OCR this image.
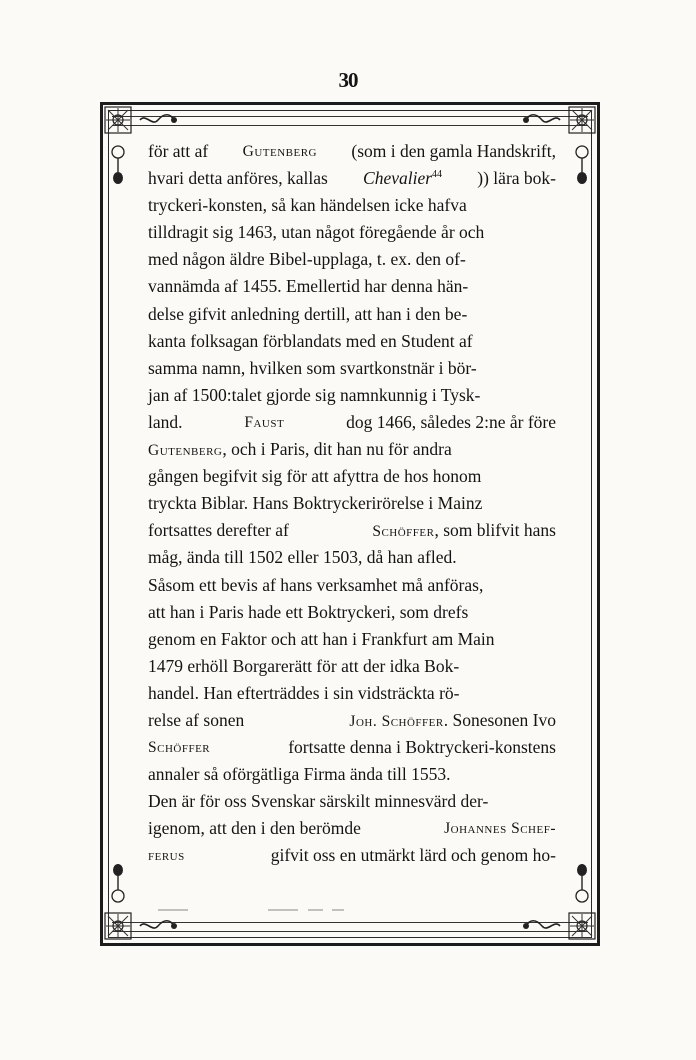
30
för att af Gutenberg (som i den gamla Handskrift,
hvari detta anföres, kallas Chevalier$^{44}$ )) lära bok-
tryckeri-konsten, så kan händelsen icke hafva
tilldragit sig 1463, utan något föregående år och
med någon äldre Bibel-upplaga, t. ex. den of-
vannämda af 1455. Emellertid har denna hän-
delse gifvit anledning dertill, att han i den be-
kanta folksagan förblandats med en Student af
samma namn, hvilken som svartkonstnär i bör-
jan af 1500:talet gjorde sig namnkunnig i Tysk-
land.	Faust	dog 1466, således 2:ne år före
Gutenberg, och i Paris, dit han nu för andra
gången begifvit sig för att afyttra de hos honom
tryckta Biblar. Hans Boktryckerirörelse i Mainz
fortsattes derefter af	Schöffer, som blifvit hans
måg, ända till 1502 eller 1503, då han afled.
Såsom ett bevis af hans verksamhet må anföras,
att han i Paris hade ett Boktryckeri, som drefs
genom en Faktor och att han i Frankfurt am Main
1479 erhöll Borgarerätt för att der idka Bok-
handel. Han efterträddes i sin vidsträckta rö-
relse af sonen	Joh. Schöffer. Sonesonen Ivo
Schöffer	fortsatte denna i Boktryckeri-konstens
annaler så oförgätliga Firma ända till 1553.
Den är för oss Svenskar särskilt minnesvärd der-
igenom, att den i den berömde	Johannes Schef-
ferus	gifvit oss en utmärkt lärd och genom ho-
